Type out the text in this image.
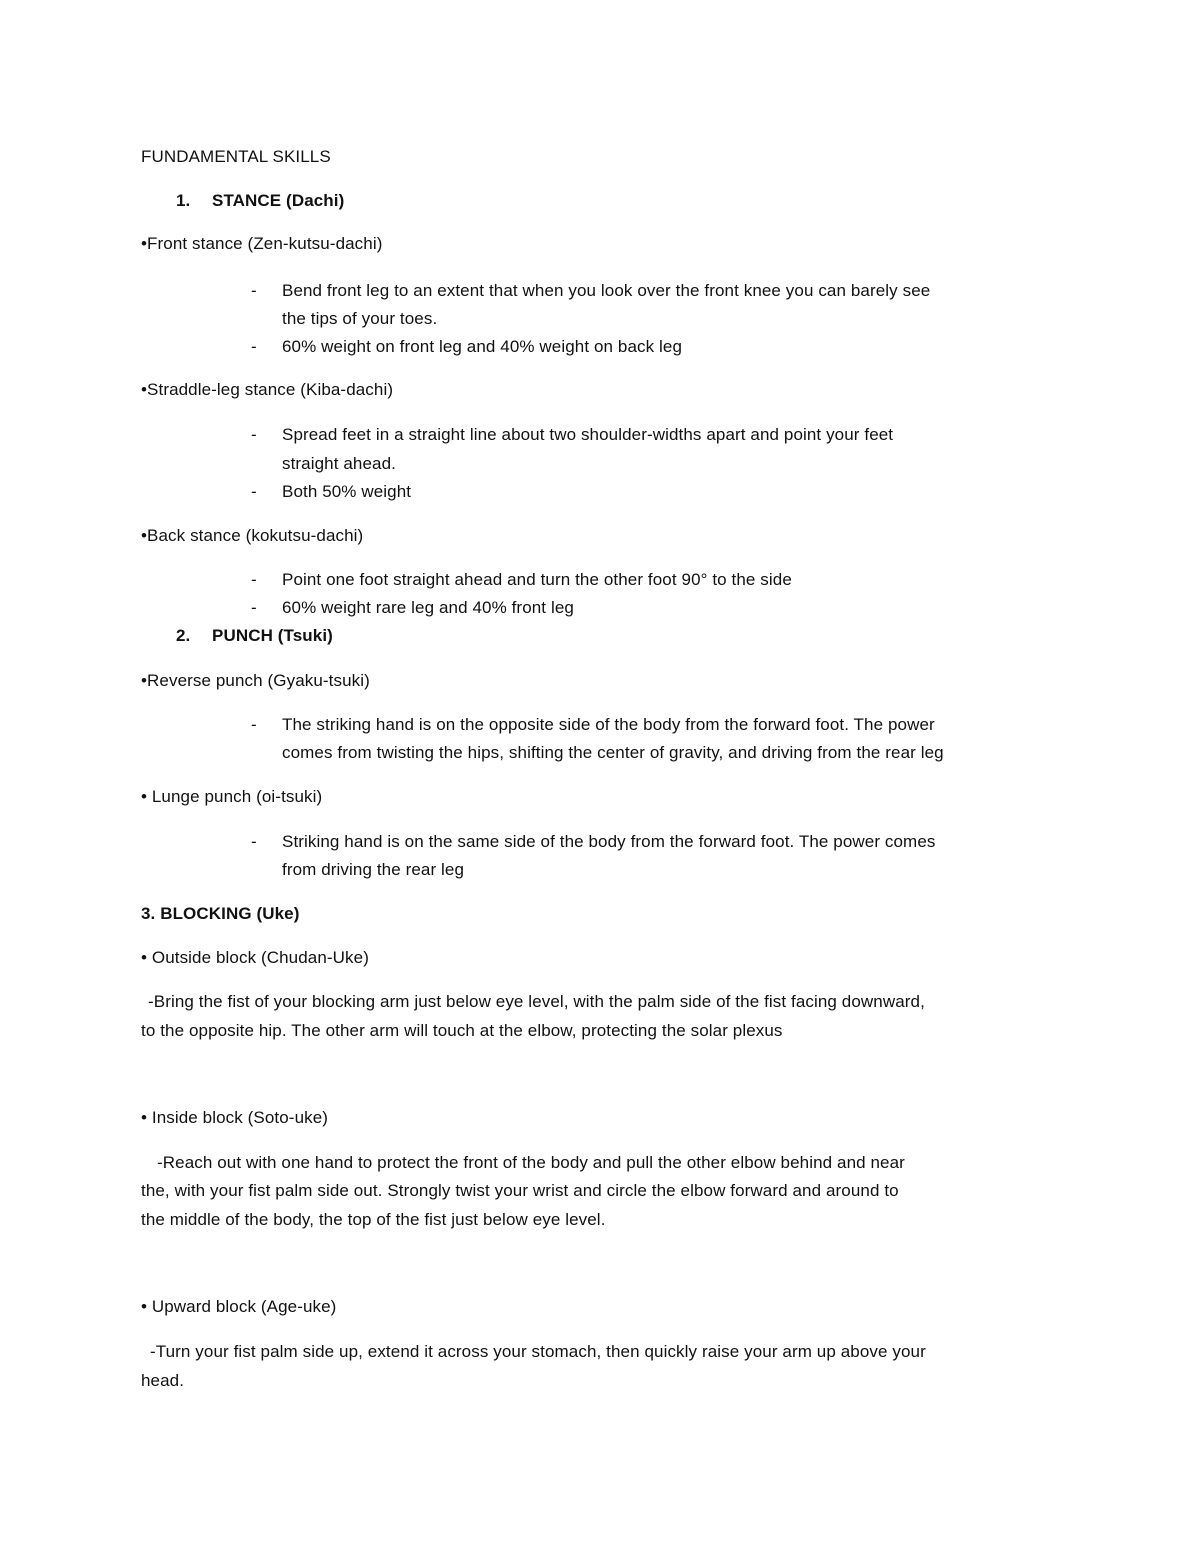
FUNDAMENTAL SKILLS
1. STANCE (Dachi)
•Front stance (Zen-kutsu-dachi)
- Bend front leg to an extent that when you look over the front knee you can barely see
the tips of your toes.
- 60% weight on front leg and 40% weight on back leg
•Straddle-leg stance (Kiba-dachi)
- Spread feet in a straight line about two shoulder-widths apart and point your feet
straight ahead.
- Both 50% weight
•Back stance (kokutsu-dachi)
- Point one foot straight ahead and turn the other foot 90° to the side
- 60% weight rare leg and 40% front leg
2. PUNCH (Tsuki)
•Reverse punch (Gyaku-tsuki)
- The striking hand is on the opposite side of the body from the forward foot. The power
comes from twisting the hips, shifting the center of gravity, and driving from the rear leg
• Lunge punch (oi-tsuki)
- Striking hand is on the same side of the body from the forward foot. The power comes
from driving the rear leg
3. BLOCKING (Uke)
• Outside block (Chudan-Uke)
-Bring the fist of your blocking arm just below eye level, with the palm side of the fist facing downward,
to the opposite hip. The other arm will touch at the elbow, protecting the solar plexus
• Inside block (Soto-uke)
-Reach out with one hand to protect the front of the body and pull the other elbow behind and near
the, with your fist palm side out. Strongly twist your wrist and circle the elbow forward and around to
the middle of the body, the top of the fist just below eye level.
• Upward block (Age-uke)
-Turn your fist palm side up, extend it across your stomach, then quickly raise your arm up above your
head.
